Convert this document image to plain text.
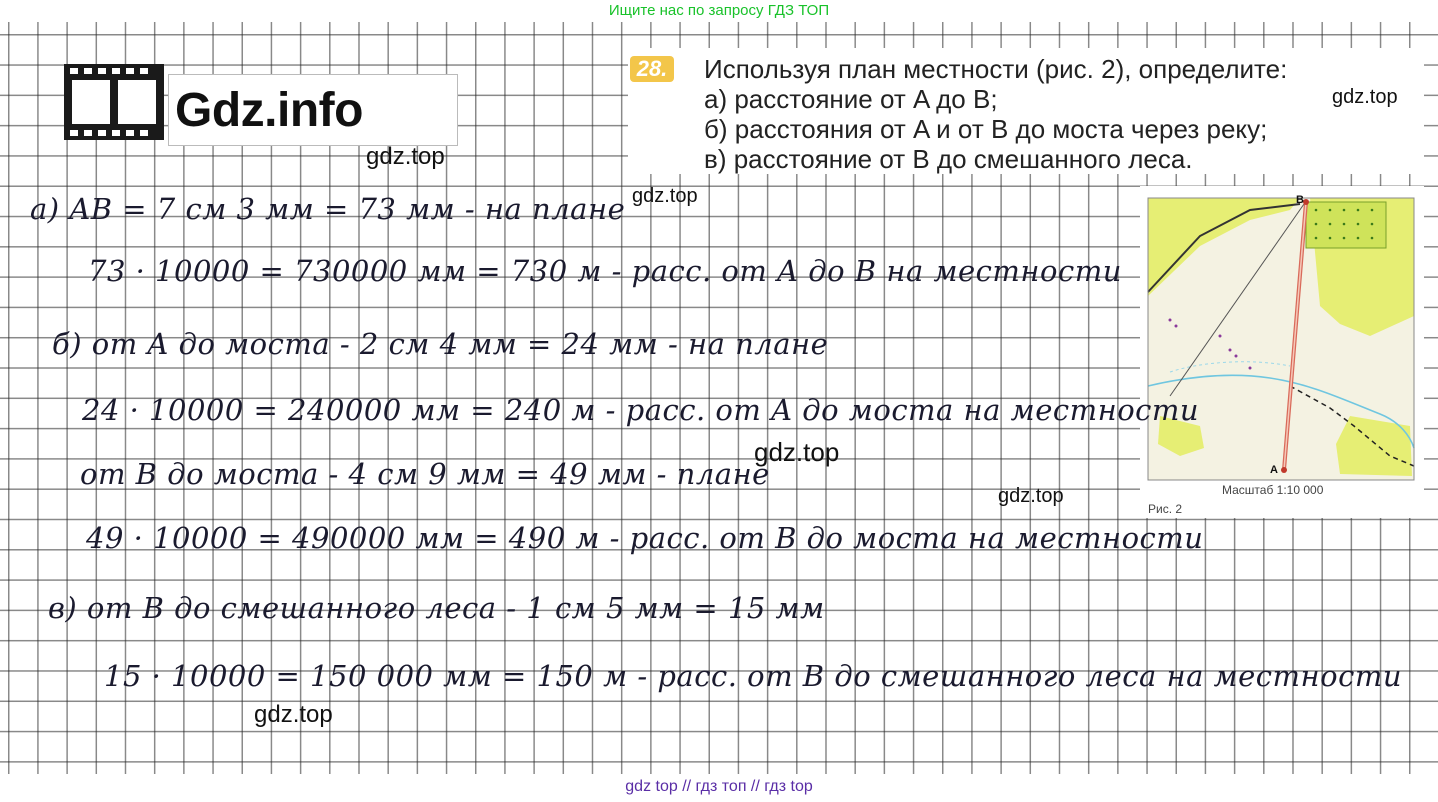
Ищите нас по запросу ГДЗ ТОП
Gdz.info
28. Используя план местности (рис. 2), определите:
а) расстояние от A до B;
б) расстояния от A и от B до моста через реку;
в) расстояние от B до смешанного леса.
B
A
Масштаб 1:10 000
Рис. 2
а) AB = 7 см 3 мм = 73 мм - на плане
73 · 10000 = 730000 мм = 730 м - расс. от A до B на местности
б) от A до моста - 2 см 4 мм = 24 мм - на плане
24 · 10000 = 240000 мм = 240 м - расс. от A до моста на местности
от B до моста - 4 см 9 мм = 49 мм - плане
49 · 10000 = 490000 мм = 490 м - расс. от B до моста на местности
в) от B до смешанного леса - 1 см 5 мм = 15 мм
15 · 10000 = 150 000 мм = 150 м - расс. от B до смешанного леса на местности
gdz.top
gdz.top
gdz.top
gdz.top
gdz.top
gdz.top
gdz top // гдз топ // гдз top
